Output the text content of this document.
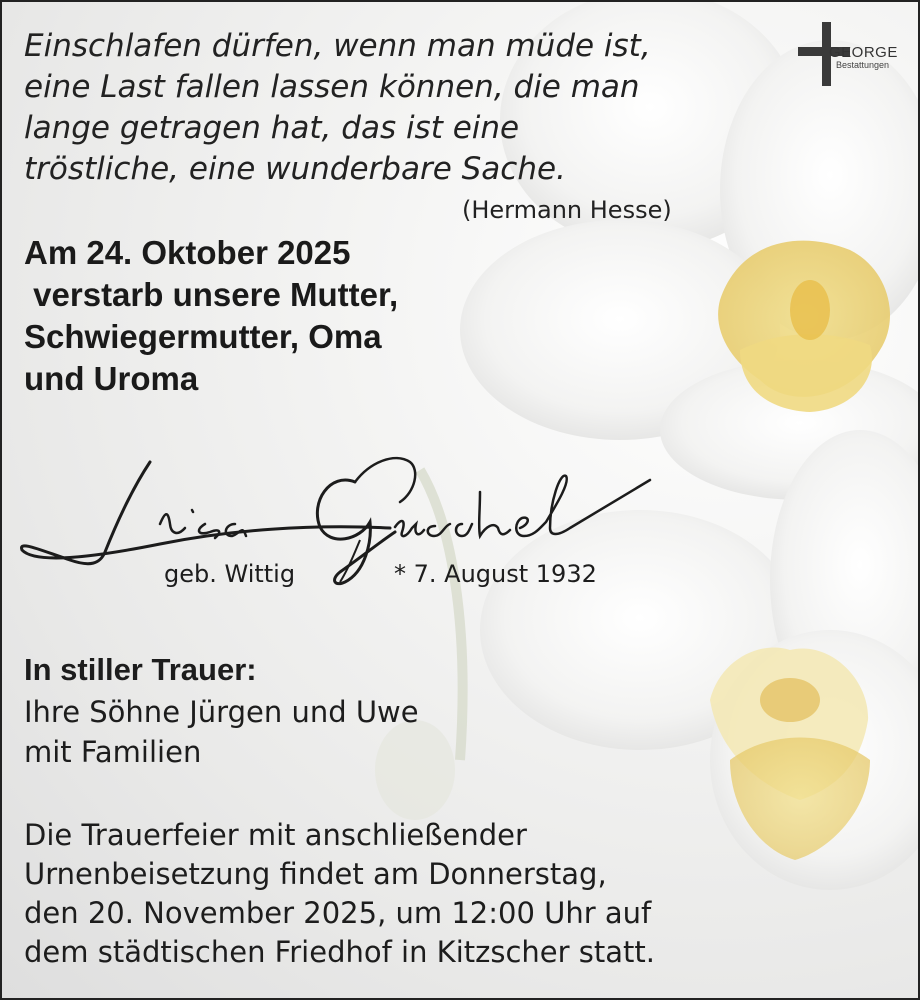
GEORGE
Bestattungen

Einschlafen dürfen, wenn man müde ist,
eine Last fallen lassen können, die man
lange getragen hat, das ist eine
tröstliche, eine wunderbare Sache.

(Hermann Hesse)

Am 24. Oktober 2025
verstarb unsere Mutter,
Schwiegermutter, Oma
und Uroma

geb. Wittig	* 7. August 1932
In stiller Trauer:

Ihre Söhne Jürgen und Uwe
mit Familien

Die Trauerfeier mit anschließender
Urnenbeisetzung findet am Donnerstag,
den 20. November 2025, um 12:00 Uhr auf
dem städtischen Friedhof in Kitzscher statt.
